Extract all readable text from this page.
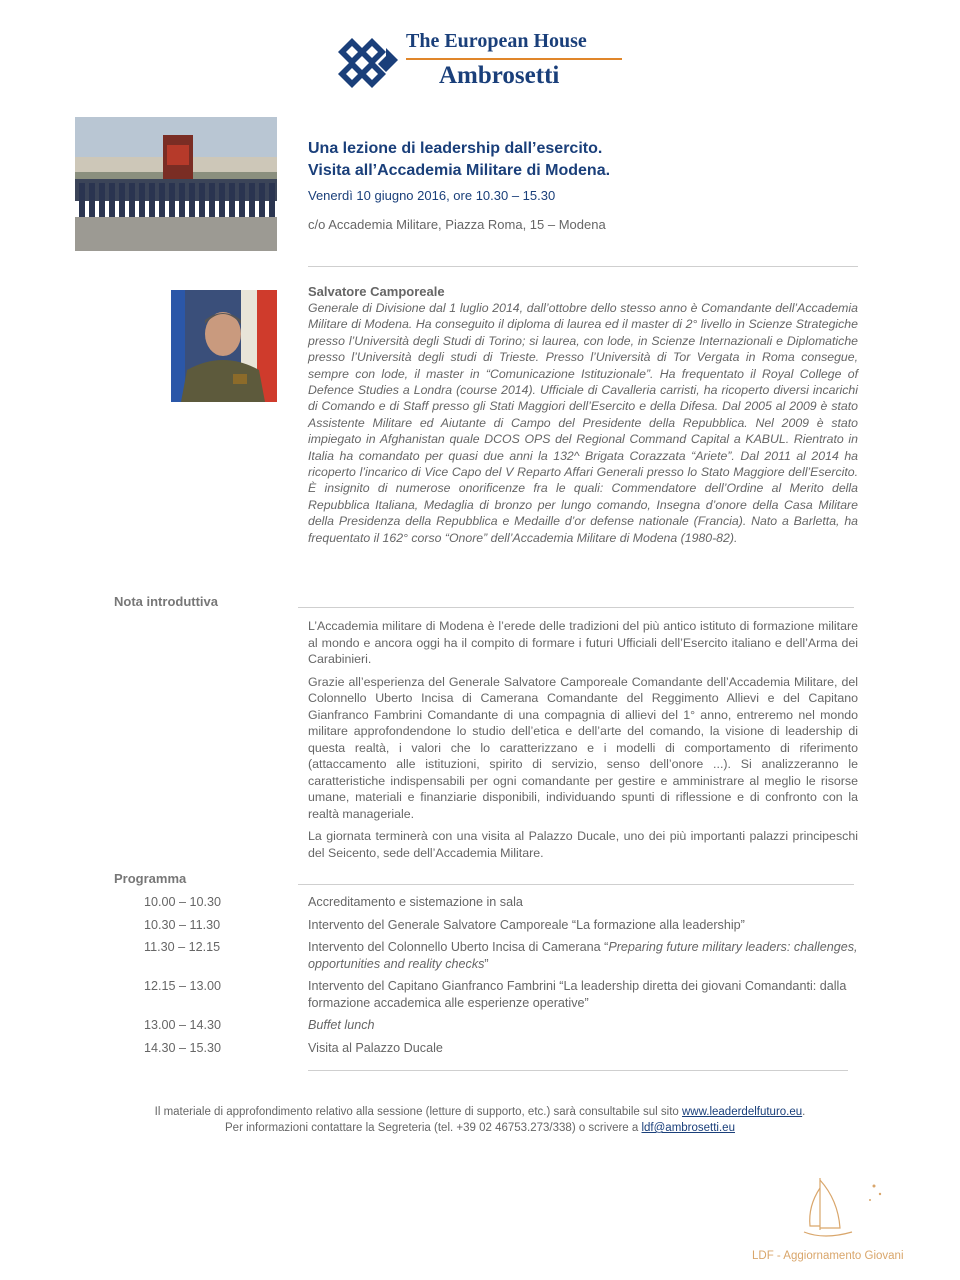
The European House
Ambrosetti
Una lezione di leadership dall’esercito.
Visita all’Accademia Militare di Modena.
Venerdì 10 giugno 2016, ore 10.30 – 15.30
c/o Accademia Militare, Piazza Roma, 15 – Modena
Salvatore Camporeale
Generale di Divisione dal 1 luglio 2014, dall’ottobre dello stesso anno è Comandante dell’Accademia Militare di Modena. Ha conseguito il diploma di laurea ed il master di 2° livello in Scienze Strategiche presso l’Università degli Studi di Torino; si laurea, con lode, in Scienze Internazionali e Diplomatiche presso l’Università degli studi di Trieste. Presso l’Università di Tor Vergata in Roma consegue, sempre con lode, il master in “Comunicazione Istituzionale”. Ha frequentato il Royal College of Defence Studies a Londra (course 2014). Ufficiale di Cavalleria carristi, ha ricoperto diversi incarichi di Comando e di Staff presso gli Stati Maggiori dell’Esercito e della Difesa. Dal 2005 al 2009 è stato Assistente Militare ed Aiutante di Campo del Presidente della Repubblica. Nel 2009 è stato impiegato in Afghanistan quale DCOS OPS del Regional Command Capital a KABUL. Rientrato in Italia ha comandato per quasi due anni la 132^ Brigata Corazzata “Ariete”. Dal 2011 al 2014 ha ricoperto l’incarico di Vice Capo del V Reparto Affari Generali presso lo Stato Maggiore dell’Esercito. È insignito di numerose onorificenze fra le quali: Commendatore dell’Ordine al Merito della Repubblica Italiana, Medaglia di bronzo per lungo comando, Insegna d’onore della Casa Militare della Presidenza della Repubblica e Medaille d’or defense nationale (Francia). Nato a Barletta, ha frequentato il 162° corso “Onore” dell’Accademia Militare di Modena (1980-82).
Nota introduttiva

L’Accademia militare di Modena è l’erede delle tradizioni del più antico istituto di formazione militare al mondo e ancora oggi ha il compito di formare i futuri Ufficiali dell’Esercito italiano e dell’Arma dei Carabinieri.

Grazie all’esperienza del Generale Salvatore Camporeale Comandante dell’Accademia Militare, del Colonnello Uberto Incisa di Camerana Comandante del Reggimento Allievi e del Capitano Gianfranco Fambrini Comandante di una compagnia di allievi del 1° anno, entreremo nel mondo militare approfondendone lo studio dell’etica e dell’arte del comando, la visione di leadership di questa realtà, i valori che lo caratterizzano e i modelli di comportamento di riferimento (attaccamento alle istituzioni, spirito di servizio, senso dell’onore ...). Si analizzeranno le caratteristiche indispensabili per ogni comandante per gestire e amministrare al meglio le risorse umane, materiali e finanziarie disponibili, individuando spunti di riflessione e di confronto con la realtà manageriale.

La giornata terminerà con una visita al Palazzo Ducale, uno dei più importanti palazzi principeschi del Seicento, sede dell’Accademia Militare.

Programma
10.00 – 10.30	Accreditamento e sistemazione in sala
10.30 – 11.30	Intervento del Generale Salvatore Camporeale “La formazione alla leadership”
11.30 – 12.15	Intervento del Colonnello Uberto Incisa di Camerana “Preparing future military leaders: challenges, opportunities and reality checks”
12.15 – 13.00	Intervento del Capitano Gianfranco Fambrini “La leadership diretta dei giovani Comandanti: dalla formazione accademica alle esperienze operative”
13.00 – 14.30	Buffet lunch
14.30 – 15.30	Visita al Palazzo Ducale
Il materiale di approfondimento relativo alla sessione (letture di supporto, etc.) sarà consultabile sul sito www.leaderdelfuturo.eu.
Per informazioni contattare la Segreteria (tel. +39 02 46753.273/338) o scrivere a ldf@ambrosetti.eu
LDF - Aggiornamento Giovani
